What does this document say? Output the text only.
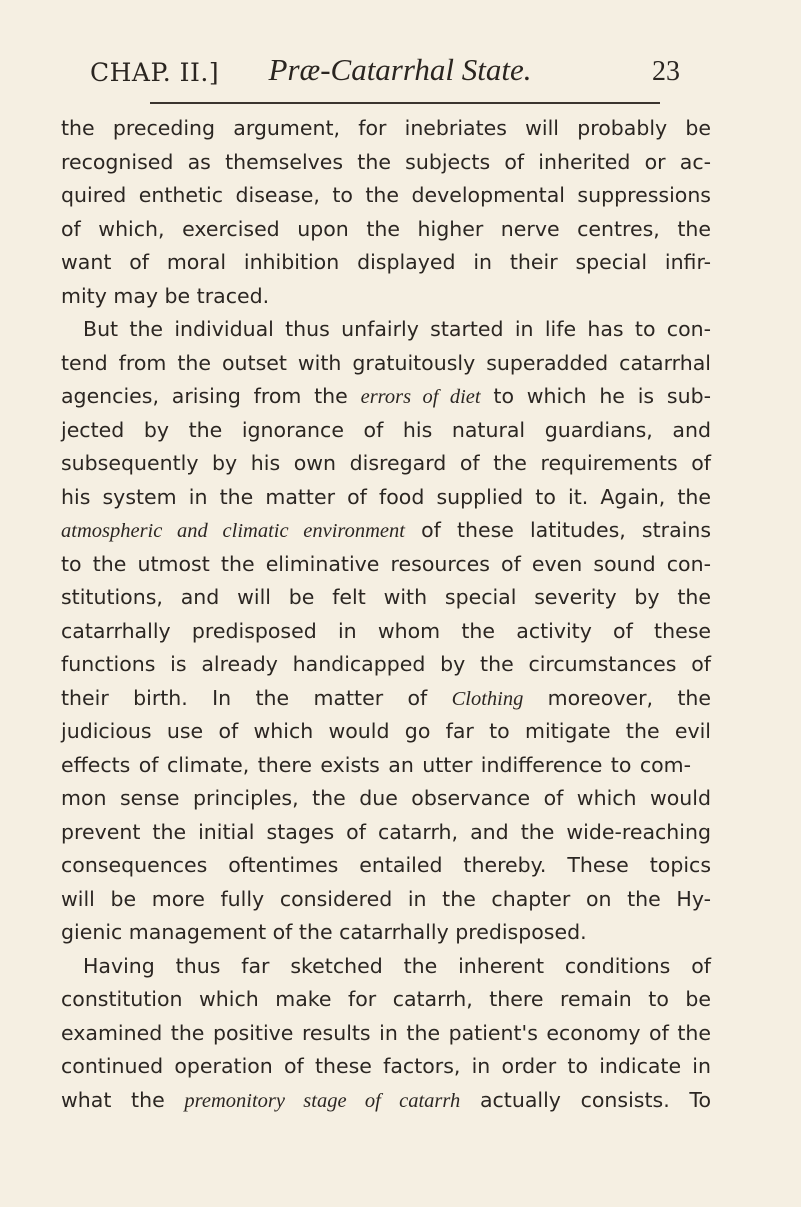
CHAP. II.]	Præ-Catarrhal State.	23
the preceding argument, for inebriates will probably be
recognised as themselves the subjects of inherited or ac-
quired enthetic disease, to the developmental suppressions
of which, exercised upon the higher nerve centres, the
want of moral inhibition displayed in their special infir-
mity may be traced.
But the individual thus unfairly started in life has to con-
tend from the outset with gratuitously superadded catarrhal
agencies, arising from the errors of diet to which he is sub-
jected by the ignorance of his natural guardians, and
subsequently by his own disregard of the requirements of
his system in the matter of food supplied to it. Again, the
atmospheric and climatic environment of these latitudes, strains
to the utmost the eliminative resources of even sound con-
stitutions, and will be felt with special severity by the
catarrhally predisposed in whom the activity of these
functions is already handicapped by the circumstances of
their birth. In the matter of Clothing moreover, the
judicious use of which would go far to mitigate the evil
effects of climate, there exists an utter indifference to com-
mon sense principles, the due observance of which would
prevent the initial stages of catarrh, and the wide-reaching
consequences oftentimes entailed thereby. These topics
will be more fully considered in the chapter on the Hy-
gienic management of the catarrhally predisposed.
Having thus far sketched the inherent conditions of
constitution which make for catarrh, there remain to be
examined the positive results in the patient's economy of the
continued operation of these factors, in order to indicate in
what the premonitory stage of catarrh actually consists. To
